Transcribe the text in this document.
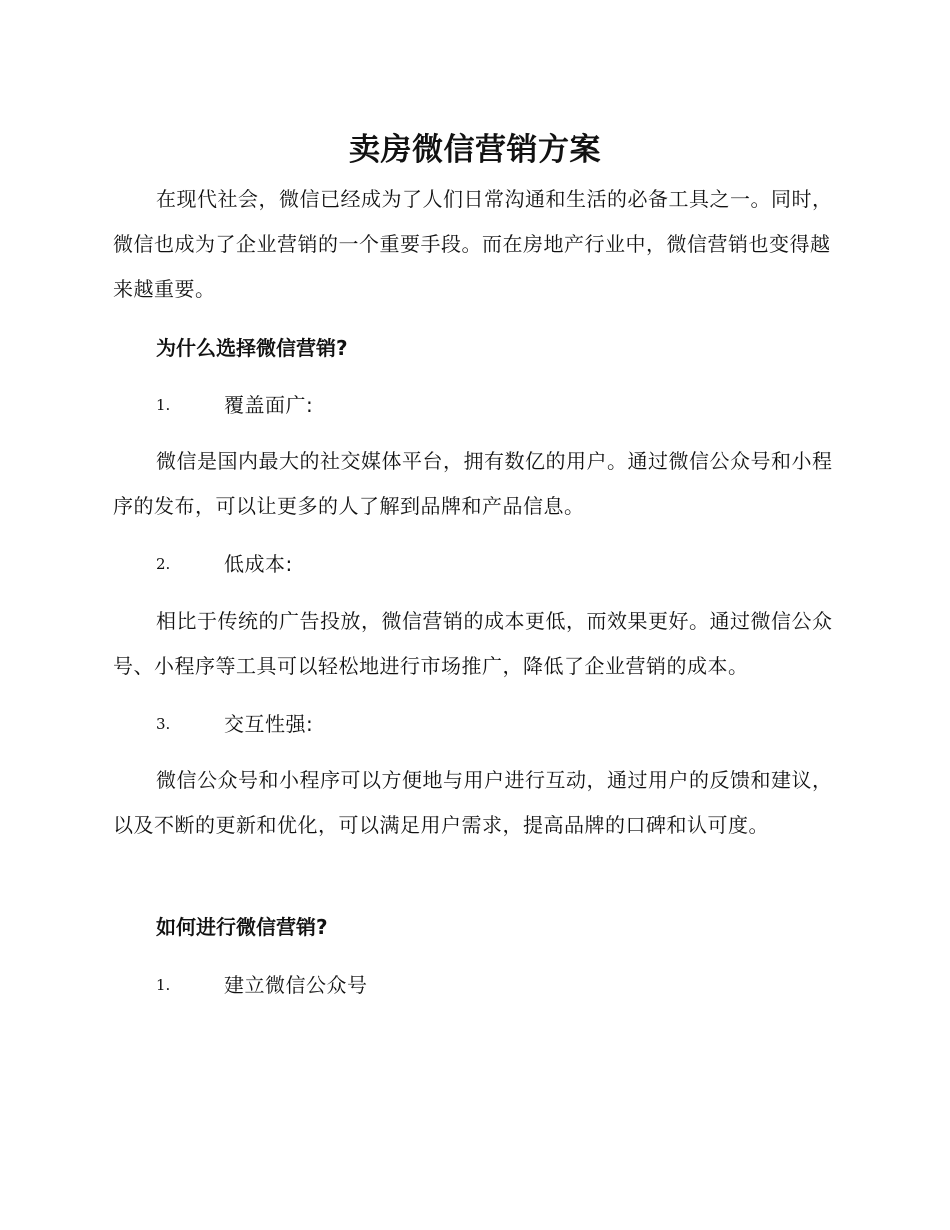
卖房微信营销方案

在现代社会，微信已经成为了人们日常沟通和生活的必备工具之一。同时，微信也成为了企业营销的一个重要手段。而在房地产行业中，微信营销也变得越来越重要。

为什么选择微信营销?
1.	覆盖面广:

微信是国内最大的社交媒体平台，拥有数亿的用户。通过微信公众号和小程序的发布，可以让更多的人了解到品牌和产品信息。

2.	低成本:

相比于传统的广告投放，微信营销的成本更低，而效果更好。通过微信公众号、小程序等工具可以轻松地进行市场推广，降低了企业营销的成本。

3.	交互性强:

微信公众号和小程序可以方便地与用户进行互动，通过用户的反馈和建议，以及不断的更新和优化，可以满足用户需求，提高品牌的口碑和认可度。

如何进行微信营销?
1.	建立微信公众号
